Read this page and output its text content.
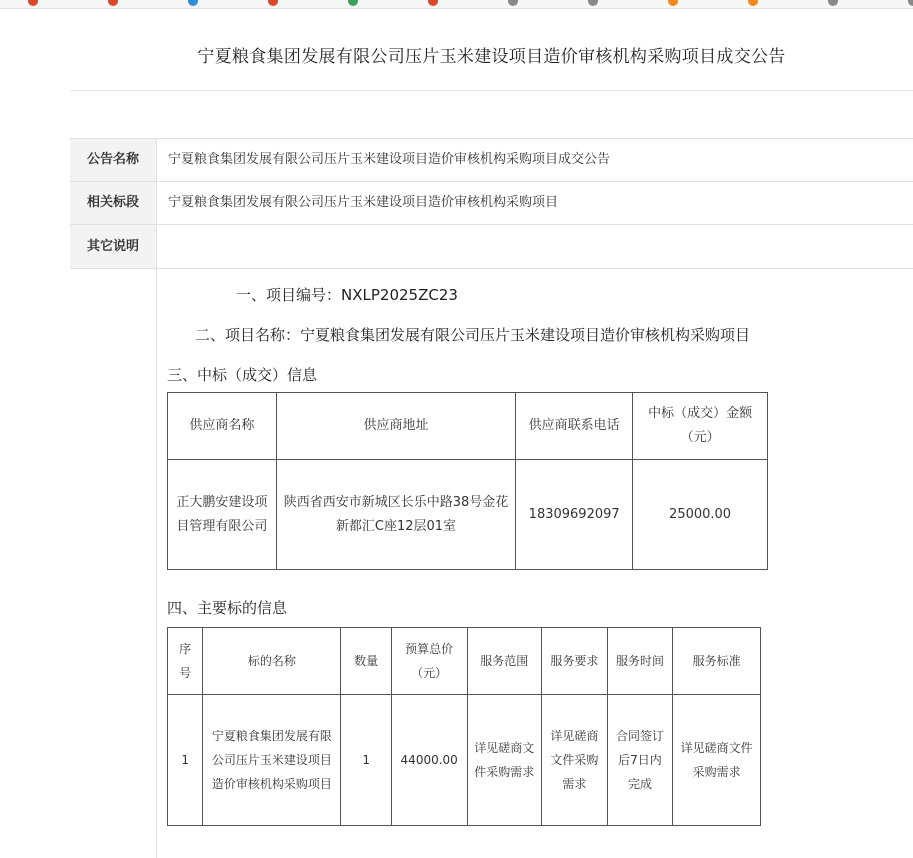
宁夏粮食集团发展有限公司压片玉米建设项目造价审核机构采购项目成交公告
公告名称	宁夏粮食集团发展有限公司压片玉米建设项目造价审核机构采购项目成交公告
相关标段	宁夏粮食集团发展有限公司压片玉米建设项目造价审核机构采购项目
其它说明
一、项目编号：NXLP2025ZC23
二、项目名称：宁夏粮食集团发展有限公司压片玉米建设项目造价审核机构采购项目
三、中标（成交）信息
供应商名称	供应商地址	供应商联系电话	中标（成交）金额（元）
正大鹏安建设项目管理有限公司	陕西省西安市新城区长乐中路38号金花新都汇C座12层01室	18309692097	25000.00
四、主要标的信息
序号	标的名称	数量	预算总价（元）	服务范围	服务要求	服务时间	服务标准
1	宁夏粮食集团发展有限公司压片玉米建设项目造价审核机构采购项目	1	44000.00	详见磋商文件采购需求	详见磋商文件采购需求	合同签订后7日内完成	详见磋商文件采购需求
